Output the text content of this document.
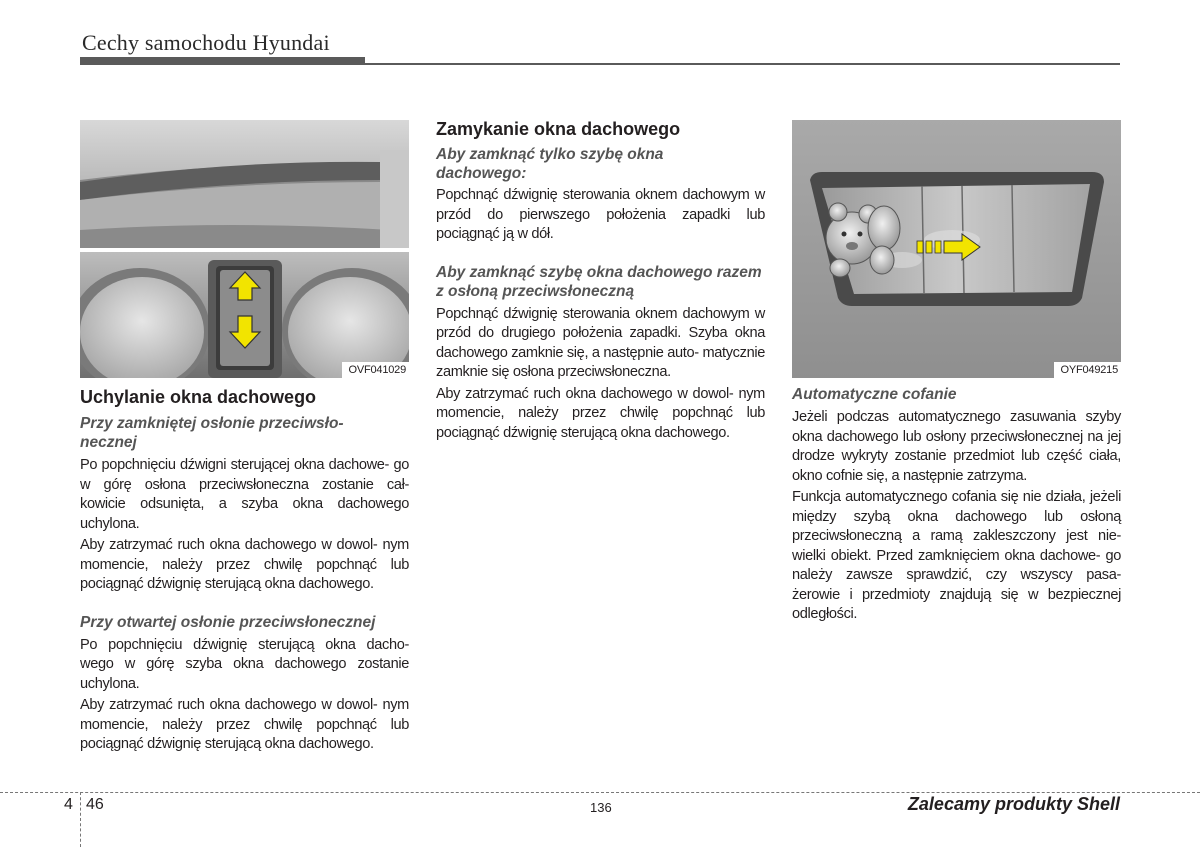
Cechy samochodu Hyundai
OVF041029
Uchylanie okna dachowego
Przy zamkniętej osłonie przeciwsło- necznej

Po popchnięciu dźwigni sterującej okna dachowe- go w górę osłona przeciwsłoneczna zostanie cał- kowicie odsunięta, a szyba okna dachowego uchylona.

Aby zatrzymać ruch okna dachowego w dowol- nym momencie, należy przez chwilę popchnąć lub pociągnąć dźwignię sterującą okna dachowego.

Przy otwartej osłonie przeciwsłonecznej

Po popchnięciu dźwignię sterującą okna dacho- wego w górę szyba okna dachowego zostanie uchylona.

Aby zatrzymać ruch okna dachowego w dowol- nym momencie, należy przez chwilę popchnąć lub pociągnąć dźwignię sterującą okna dachowego.

Zamykanie okna dachowego
Aby zamknąć tylko szybę okna dachowego:

Popchnąć dźwignię sterowania oknem dachowym w przód do pierwszego położenia zapadki lub pociągnąć ją w dół.

Aby zamknąć szybę okna dachowego razem z osłoną przeciwsłoneczną

Popchnąć dźwignię sterowania oknem dachowym w przód do drugiego położenia zapadki. Szyba okna dachowego zamknie się, a następnie auto- matycznie zamknie się osłona przeciwsłoneczna.

Aby zatrzymać ruch okna dachowego w dowol- nym momencie, należy przez chwilę popchnąć lub pociągnąć dźwignię sterującą okna dachowego.

OYF049215
Automatyczne cofanie

Jeżeli podczas automatycznego zasuwania szyby okna dachowego lub osłony przeciwsłonecznej na jej drodze wykryty zostanie przedmiot lub część ciała, okno cofnie się, a następnie zatrzyma.

Funkcja automatycznego cofania się nie działa, jeżeli między szybą okna dachowego lub osłoną przeciwsłoneczną a ramą zakleszczony jest nie- wielki obiekt. Przed zamknięciem okna dachowe- go należy zawsze sprawdzić, czy wszyscy pasa- żerowie i przedmioty znajdują się w bezpiecznej odległości.

4 46	136	Zalecamy produkty Shell
